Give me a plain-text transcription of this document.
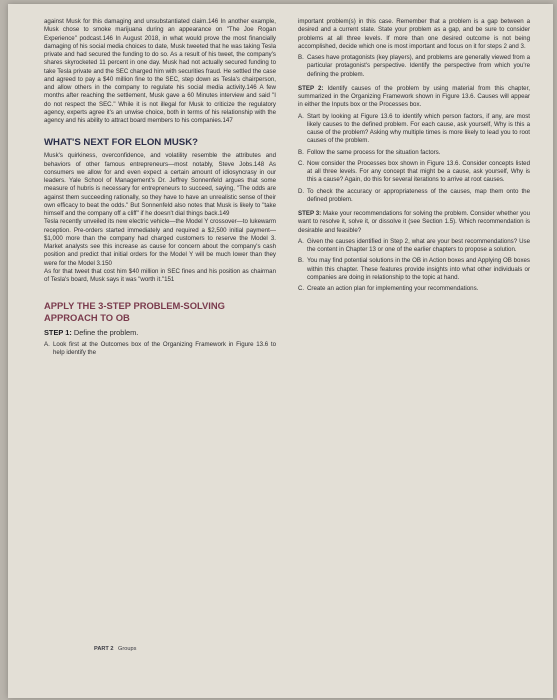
against Musk for this damaging and unsubstantiated claim.146 In another example, Musk chose to smoke marijuana during an appearance on "The Joe Rogan Experience" podcast.146 In August 2018, in what would prove the most financially damaging of his social media choices to date, Musk tweeted that he was taking Tesla private and had secured the funding to do so. As a result of his tweet, the company's shares skyrocketed 11 percent in one day. Musk had not actually secured funding to take Tesla private and the SEC charged him with securities fraud. He settled the case and agreed to pay a $40 million fine to the SEC, step down as Tesla's chairperson, and allow others in the company to regulate his social media activity.146 A few months after reaching the settlement, Musk gave a 60 Minutes interview and said "I do not respect the SEC." While it is not illegal for Musk to criticize the regulatory agency, experts agree it's an unwise choice, both in terms of his relationship with the agency and his ability to attract board members to his companies.147

WHAT'S NEXT FOR ELON MUSK?

Musk's quirkiness, overconfidence, and volatility resemble the attributes and behaviors of other famous entrepreneurs—most notably, Steve Jobs.148 As consumers we allow for and even expect a certain amount of idiosyncrasy in our leaders. Yale School of Management's Dr. Jeffrey Sonnenfeld argues that some measure of hubris is necessary for entrepreneurs to succeed, saying, "The odds are against them succeeding rationally, so they have to have an unrealistic sense of their own efficacy to beat the odds." But Sonnenfeld also notes that Musk is likely to "take himself and the company off a cliff" if he doesn't dial things back.149

Tesla recently unveiled its new electric vehicle—the Model Y crossover—to lukewarm reception. Pre-orders started immediately and required a $2,500 initial payment—$1,000 more than the company had charged customers to reserve the Model 3. Market analysts see this increase as cause for concern about the company's cash position and predict that initial orders for the Model Y will be much lower than they were for the Model 3.150

As for that tweet that cost him $40 million in SEC fines and his position as chairman of Tesla's board, Musk says it was "worth it."151

APPLY THE 3-STEP PROBLEM-SOLVING APPROACH TO OB
STEP 1: Define the problem.
A. Look first at the Outcomes box of the Organizing Framework in Figure 13.6 to help identify the

important problem(s) in this case. Remember that a problem is a gap between a desired and a current state. State your problem as a gap, and be sure to consider problems at all three levels. If more than one desired outcome is not being accomplished, decide which one is most important and focus on it for steps 2 and 3.

B. Cases have protagonists (key players), and problems are generally viewed from a particular protagonist's perspective. Identify the perspective from which you're defining the problem.
STEP 2: Identify causes of the problem by using material from this chapter, summarized in the Organizing Framework shown in Figure 13.6. Causes will appear in either the Inputs box or the Processes box.
A. Start by looking at Figure 13.6 to identify which person factors, if any, are most likely causes to the defined problem. For each cause, ask yourself, Why is this a cause of the problem? Asking why multiple times is more likely to lead you to root causes of the problem.
B. Follow the same process for the situation factors.
C. Now consider the Processes box shown in Figure 13.6. Consider concepts listed at all three levels. For any concept that might be a cause, ask yourself, Why is this a cause? Again, do this for several iterations to arrive at root causes.
D. To check the accuracy or appropriateness of the causes, map them onto the defined problem.
STEP 3: Make your recommendations for solving the problem. Consider whether you want to resolve it, solve it, or dissolve it (see Section 1.5). Which recommendation is desirable and feasible?
A. Given the causes identified in Step 2, what are your best recommendations? Use the content in Chapter 13 or one of the earlier chapters to propose a solution.
B. You may find potential solutions in the OB in Action boxes and Applying OB boxes within this chapter. These features provide insights into what other individuals or companies are doing in relationship to the topic at hand.
C. Create an action plan for implementing your recommendations.
PART 2 Groups
